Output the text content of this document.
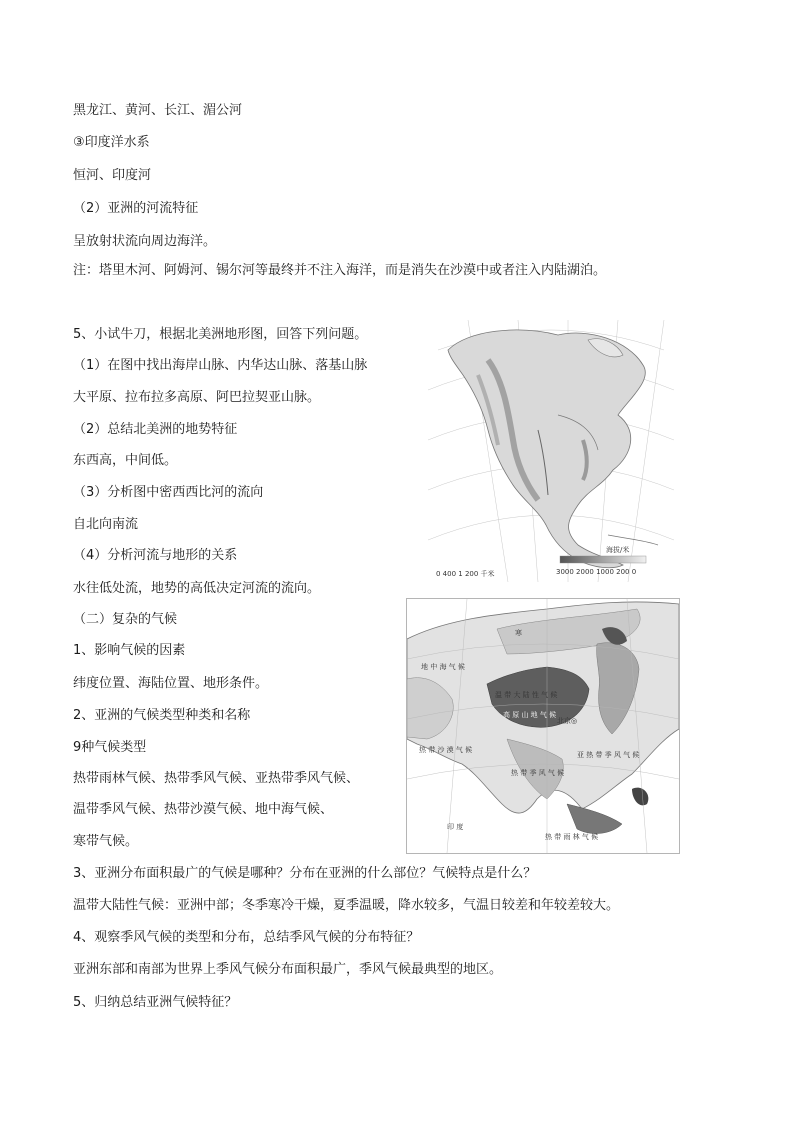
黑龙江、黄河、长江、湄公河
③印度洋水系
恒河、印度河
（2）亚洲的河流特征
呈放射状流向周边海洋。
注：塔里木河、阿姆河、锡尔河等最终并不注入海洋，而是消失在沙漠中或者注入内陆湖泊。
5、小试牛刀，根据北美洲地形图，回答下列问题。
（1）在图中找出海岸山脉、内华达山脉、落基山脉
大平原、拉布拉多高原、阿巴拉契亚山脉。
（2）总结北美洲的地势特征
东西高，中间低。
（3）分析图中密西西比河的流向
自北向南流
（4）分析河流与地形的关系
水往低处流，地势的高低决定河流的流向。
（二）复杂的气候
1、影响气候的因素
纬度位置、海陆位置、地形条件。
2、亚洲的气候类型种类和名称
9种气候类型
热带雨林气候、热带季风气候、亚热带季风气候、
温带季风气候、热带沙漠气候、地中海气候、
寒带气候。
3、亚洲分布面积最广的气候是哪种？分布在亚洲的什么部位？气候特点是什么？
温带大陆性气候：亚洲中部；冬季寒冷干燥，夏季温暖，降水较多，气温日较差和年较差较大。
4、观察季风气候的类型和分布，总结季风气候的分布特征？
亚洲东部和南部为世界上季风气候分布面积最广，季风气候最典型的地区。
5、归纳总结亚洲气候特征？
0 400 1 200 千米
海拔/米
3000 2000 1000 200 0
寒
温 带 大 陆 性 气 候
高 原 山 地 气 候
北京◎
热 带 沙 漠 气 候
亚 热 带 季 风 气 候
热 带 季 风 气 候
热 带 雨 林 气 候
地 中 海 气 候
印 度
